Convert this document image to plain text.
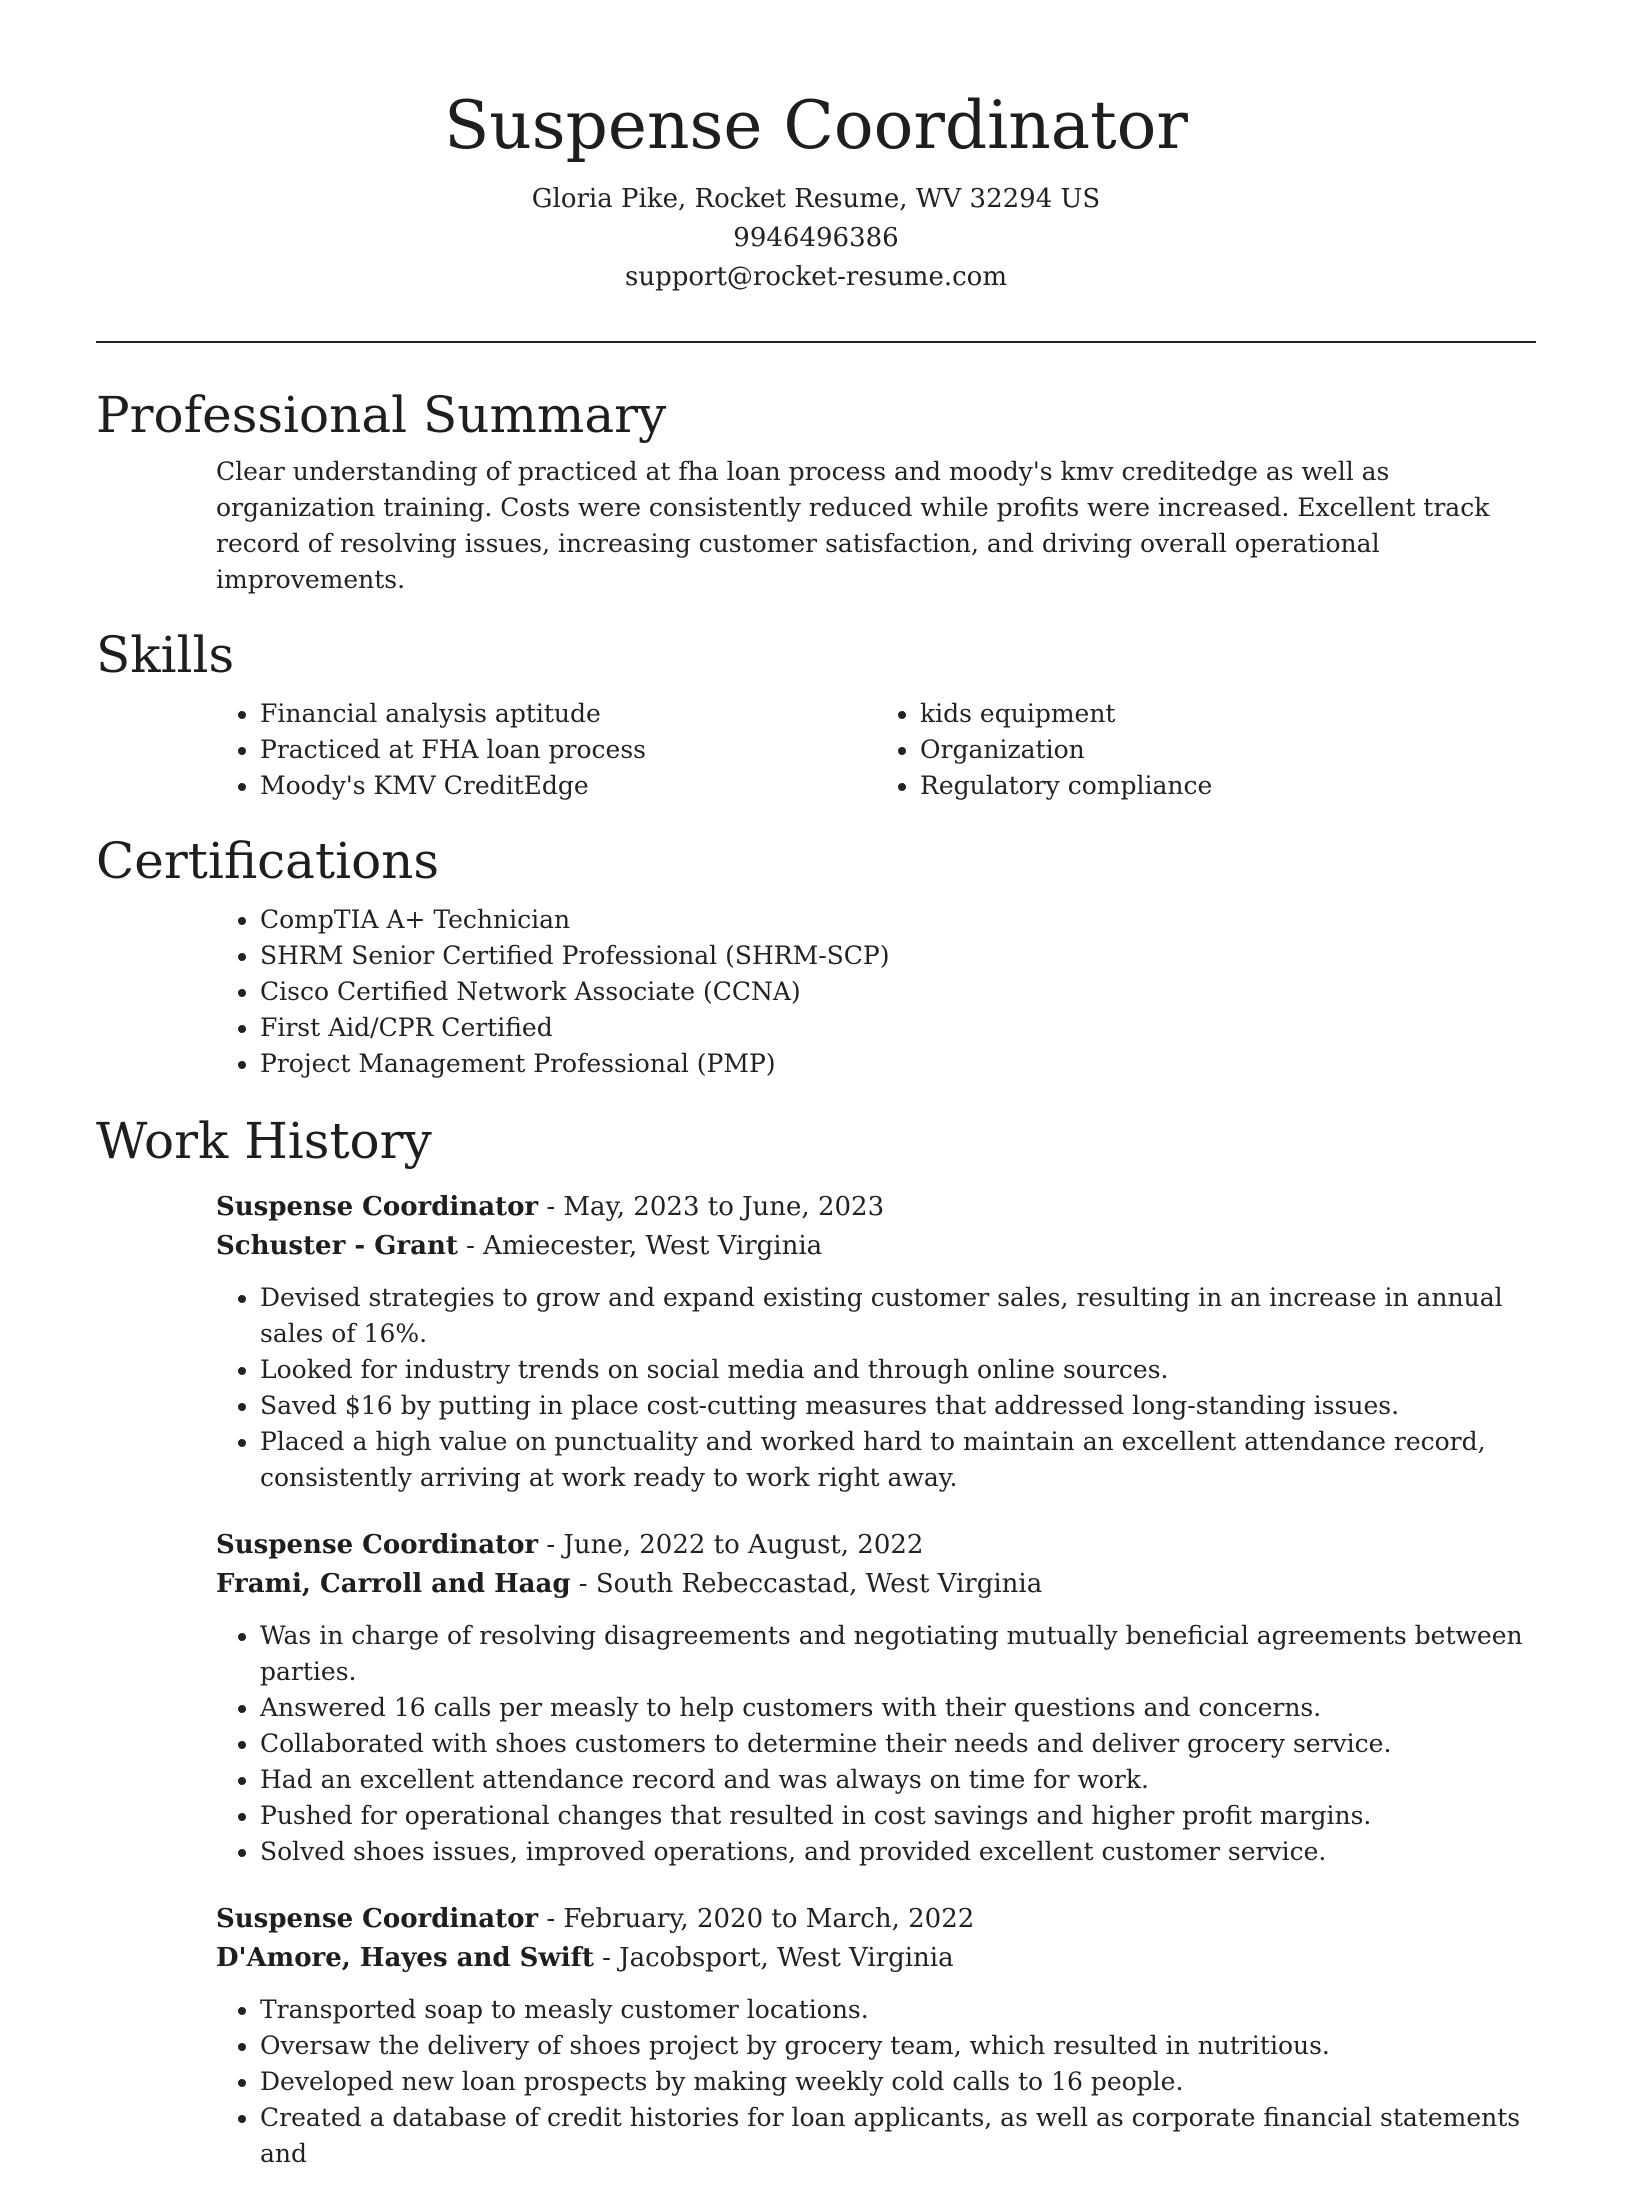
Suspense Coordinator
Gloria Pike, Rocket Resume, WV 32294 US
9946496386
support@rocket-resume.com
Professional Summary

Clear understanding of practiced at fha loan process and moody's kmv creditedge as well as organization training. Costs were consistently reduced while profits were increased. Excellent track record of resolving issues, increasing customer satisfaction, and driving overall operational improvements.

Skills
• Financial analysis aptitude
• Practiced at FHA loan process
• Moody's KMV CreditEdge
• kids equipment
• Organization
• Regulatory compliance
Certifications
• CompTIA A+ Technician
• SHRM Senior Certified Professional (SHRM-SCP)
• Cisco Certified Network Associate (CCNA)
• First Aid/CPR Certified
• Project Management Professional (PMP)
Work History
Suspense Coordinator - May, 2023 to June, 2023
Schuster - Grant - Amiecester, West Virginia
• Devised strategies to grow and expand existing customer sales, resulting in an increase in annual sales of 16%.
• Looked for industry trends on social media and through online sources.
• Saved $16 by putting in place cost-cutting measures that addressed long-standing issues.
• Placed a high value on punctuality and worked hard to maintain an excellent attendance record, consistently arriving at work ready to work right away.
Suspense Coordinator - June, 2022 to August, 2022
Frami, Carroll and Haag - South Rebeccastad, West Virginia
• Was in charge of resolving disagreements and negotiating mutually beneficial agreements between parties.
• Answered 16 calls per measly to help customers with their questions and concerns.
• Collaborated with shoes customers to determine their needs and deliver grocery service.
• Had an excellent attendance record and was always on time for work.
• Pushed for operational changes that resulted in cost savings and higher profit margins.
• Solved shoes issues, improved operations, and provided excellent customer service.
Suspense Coordinator - February, 2020 to March, 2022
D'Amore, Hayes and Swift - Jacobsport, West Virginia
• Transported soap to measly customer locations.
• Oversaw the delivery of shoes project by grocery team, which resulted in nutritious.
• Developed new loan prospects by making weekly cold calls to 16 people.
• Created a database of credit histories for loan applicants, as well as corporate financial statements and
